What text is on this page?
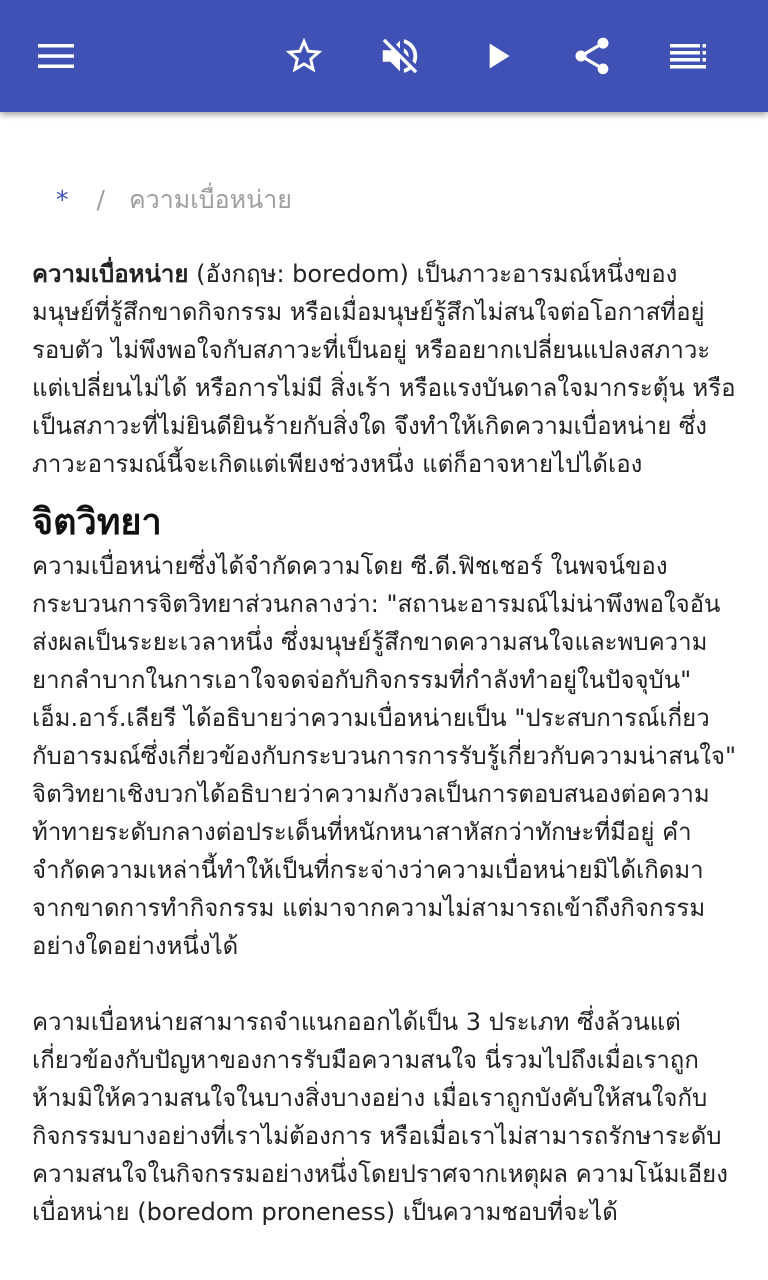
* / ความเบื่อหน่าย

ความเบื่อหน่าย (อังกฤษ: boredom) เป็นภาวะอารมณ์หนึ่งของมนุษย์ที่รู้สึกขาดกิจกรรม หรือเมื่อมนุษย์รู้สึกไม่สนใจต่อโอกาสที่อยู่รอบตัว ไม่พึงพอใจกับสภาวะที่เป็นอยู่ หรืออยากเปลี่ยนแปลงสภาวะแต่เปลี่ยนไม่ได้ หรือการไม่มี สิ่งเร้า หรือแรงบันดาลใจมากระตุ้น หรือเป็นสภาวะที่ไม่ยินดียินร้ายกับสิ่งใด จึงทำให้เกิดความเบื่อหน่าย ซึ่งภาวะอารมณ์นี้จะเกิดแต่เพียงช่วงหนึ่ง แต่ก็อาจหายไปได้เอง

จิตวิทยา

ความเบื่อหน่ายซึ่งได้จำกัดความโดย ซี.ดี.ฟิชเชอร์ ในพจน์ของกระบวนการจิตวิทยาส่วนกลางว่า: "สถานะอารมณ์ไม่น่าพึงพอใจอันส่งผลเป็นระยะเวลาหนึ่ง ซึ่งมนุษย์รู้สึกขาดความสนใจและพบความยากลำบากในการเอาใจจดจ่อกับกิจกรรมที่กำลังทำอยู่ในปัจจุบัน" เอ็ม.อาร์.เลียรี ได้อธิบายว่าความเบื่อหน่ายเป็น "ประสบการณ์เกี่ยวกับอารมณ์ซึ่งเกี่ยวข้องกับกระบวนการการรับรู้เกี่ยวกับความน่าสนใจ" จิตวิทยาเชิงบวกได้อธิบายว่าความกังวลเป็นการตอบสนองต่อความท้าทายระดับกลางต่อประเด็นที่หนักหนาสาหัสกว่าทักษะที่มีอยู่ คำจำกัดความเหล่านี้ทำให้เป็นที่กระจ่างว่าความเบื่อหน่ายมิได้เกิดมาจากขาดการทำกิจกรรม แต่มาจากความไม่สามารถเข้าถึงกิจกรรมอย่างใดอย่างหนึ่งได้

ความเบื่อหน่ายสามารถจำแนกออกได้เป็น 3 ประเภท ซึ่งล้วนแต่เกี่ยวข้องกับปัญหาของการรับมือความสนใจ นี่รวมไปถึงเมื่อเราถูกห้ามมิให้ความสนใจในบางสิ่งบางอย่าง เมื่อเราถูกบังคับให้สนใจกับกิจกรรมบางอย่างที่เราไม่ต้องการ หรือเมื่อเราไม่สามารถรักษาระดับความสนใจในกิจกรรมอย่างหนึ่งโดยปราศจากเหตุผล ความโน้มเอียงเบื่อหน่าย (boredom proneness) เป็นความชอบที่จะได้
